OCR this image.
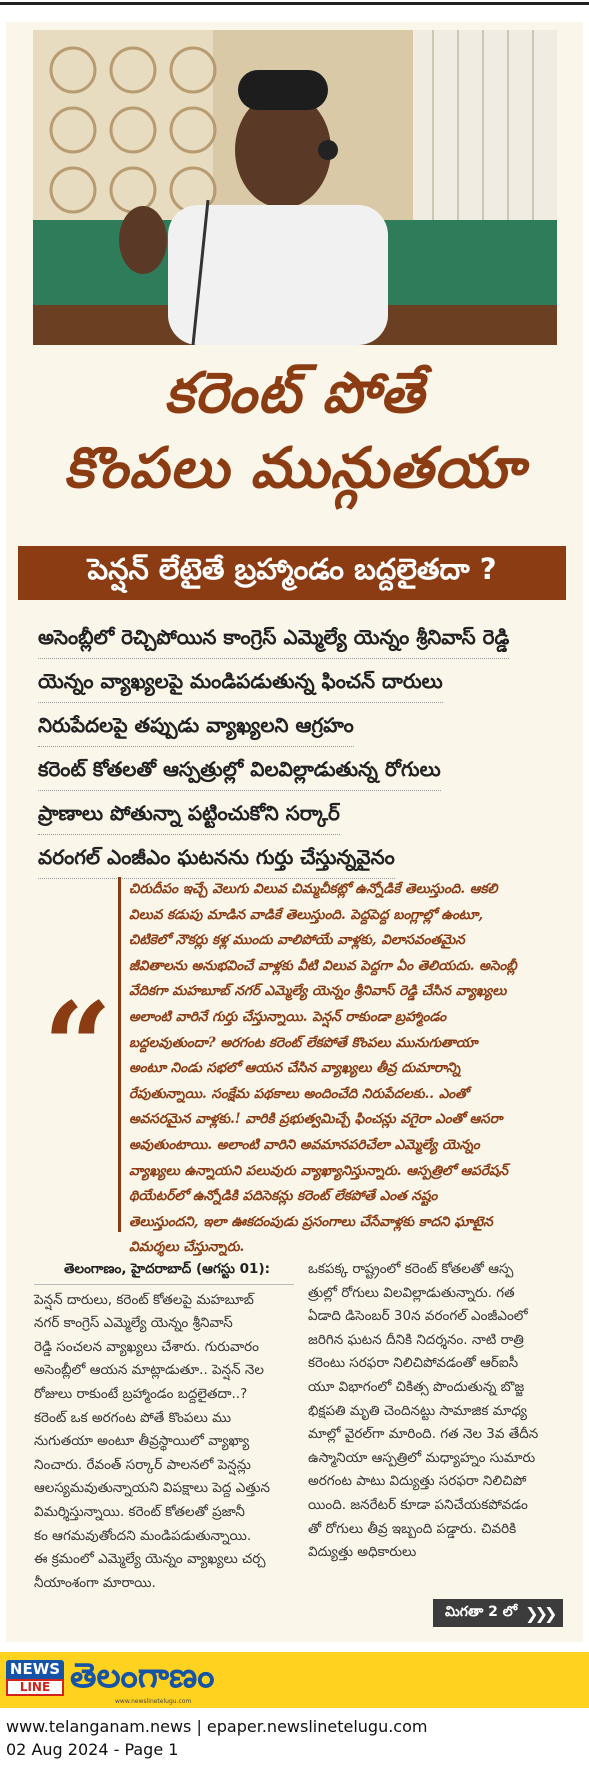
కరెంట్ పోతే
కొంపలు మున్గుతయా
పెన్షన్ లేటైతే బ్రహ్మాండం బద్దలైతదా ?
అసెంబ్లీలో రెచ్చిపోయిన కాంగ్రెస్ ఎమ్మెల్యే యెన్నం శ్రీనివాస్ రెడ్డి
యెన్నం వ్యాఖ్యలపై మండిపడుతున్న ఫించన్ దారులు
నిరుపేదలపై తప్పుడు వ్యాఖ్యలని ఆగ్రహం
కరెంట్ కోతలతో ఆస్పత్రుల్లో విలవిల్లాడుతున్న రోగులు
ప్రాణాలు పోతున్నా పట్టించుకోని సర్కార్
వరంగల్ ఎంజీఎం ఘటనను గుర్తు చేస్తున్నవైనం
“
చిరుదీపం ఇచ్చే వెలుగు విలువ చిమ్మచీకట్లో ఉన్నోడికే తెలుస్తుంది. ఆకలి
విలువ కడుపు మాడిన వాడికే తెలుస్తుంది. పెద్దపెద్ద బంగ్లాల్లో ఉంటూ,
చిటికెలో నౌకర్లు కళ్ల ముందు వాలిపోయే వాళ్లకు, విలాసవంతమైన
జీవితాలను అనుభవించే వాళ్లకు వీటి విలువ పెద్దగా ఏం తెలియదు. అసెంబ్లీ
వేదికగా మహబూబ్ నగర్ ఎమ్మెల్యే యెన్నం శ్రీనివాస్ రెడ్డి చేసిన వ్యాఖ్యలు
అలాంటి వారినే గుర్తు చేస్తున్నాయి. పెన్షన్ రాకుండా బ్రహ్మాండం
బద్దలవుతుందా? అరగంట కరెంట్ లేకపోతే కొంపలు మునుగుతాయా
అంటూ నిండు సభలో ఆయన చేసిన వ్యాఖ్యలు తీవ్ర దుమారాన్ని
రేపుతున్నాయి. సంక్షేమ పథకాలు అందించేది నిరుపేదలకు.. ఎంతో
అవసరమైన వాళ్లకు.! వారికి ప్రభుత్వమిచ్చే ఫించన్లు వగైరా ఎంతో ఆసరా
అవుతుంటాయి. అలాంటి వారిని అవమానపరిచేలా ఎమ్మెల్యే యెన్నం
వ్యాఖ్యలు ఉన్నాయని పలువురు వ్యాఖ్యానిస్తున్నారు. ఆస్పత్రిలో ఆపరేషన్
థియేటర్‌లో ఉన్నోడికి పదిసెకన్లు కరెంట్ లేకపోతే ఎంత నష్టం
తెలుస్తుందని, ఇలా ఊకదంపుడు ప్రసంగాలు చేసేవాళ్లకు కాదని ఘాటైన
విమర్శలు చేస్తున్నారు.
తెలంగాణం, హైదరాబాద్ (ఆగస్టు 01):
పెన్షన్ దారులు, కరెంట్ కోతలపై మహబూబ్
నగర్ కాంగ్రెస్ ఎమ్మెల్యే యెన్నం శ్రీనివాస్
రెడ్డి సంచలన వ్యాఖ్యలు చేశారు. గురువారం
అసెంబ్లీలో ఆయన మాట్లాడుతూ.. పెన్షన్ నెల
రోజులు రాకుంటే బ్రహ్మాండం బద్దలైతదా..?
కరెంట్ ఒక అరగంట పోతే కొంపలు ము
నుగుతయా అంటూ తీవ్రస్థాయిలో వ్యాఖ్యా
నించారు. రేవంత్ సర్కార్ పాలనలో పెన్షన్లు
ఆలస్యమవుతున్నాయని విపక్షాలు పెద్ద ఎత్తున
విమర్శిస్తున్నాయి. కరెంట్ కోతలతో ప్రజానీ
కం ఆగమవుతోందని మండిపడుతున్నాయి.
ఈ క్రమంలో ఎమ్మెల్యే యెన్నం వ్యాఖ్యలు చర్చ
నీయాంశంగా మారాయి.
ఒకపక్క రాష్ట్రంలో కరెంట్ కోతలతో ఆస్ప
త్రుల్లో రోగులు విలవిల్లాడుతున్నారు. గత
ఏడాది డిసెంబర్ 30న వరంగల్ ఎంజీఎంలో
జరిగిన ఘటన దీనికి నిదర్శనం. నాటి రాత్రి
కరెంటు సరఫరా నిలిచిపోవడంతో ఆర్ఐసీ
యూ విభాగంలో చికిత్స పొందుతున్న బొజ్జ
భిక్షపతి మృతి చెందినట్టు సామాజిక మాధ్య
మాల్లో వైరల్‌గా మారింది. గత నెల 3వ తేదీన
ఉస్మానియా ఆస్పత్రిలో మధ్యాహ్నం సుమారు
అరగంట పాటు విద్యుత్తు సరఫరా నిలిచిపో
యింది. జనరేటర్ కూడా పనిచేయకపోవడం
తో రోగులు తీవ్ర ఇబ్బంది పడ్డారు. చివరికి
విద్యుత్తు అధికారులు
మిగతా 2 లో ❯❯❯
NEWS
LINE తెలంగాణం
www.newslinetelugu.com
www.telanganam.news | epaper.newslinetelugu.com
02 Aug 2024 - Page 1
